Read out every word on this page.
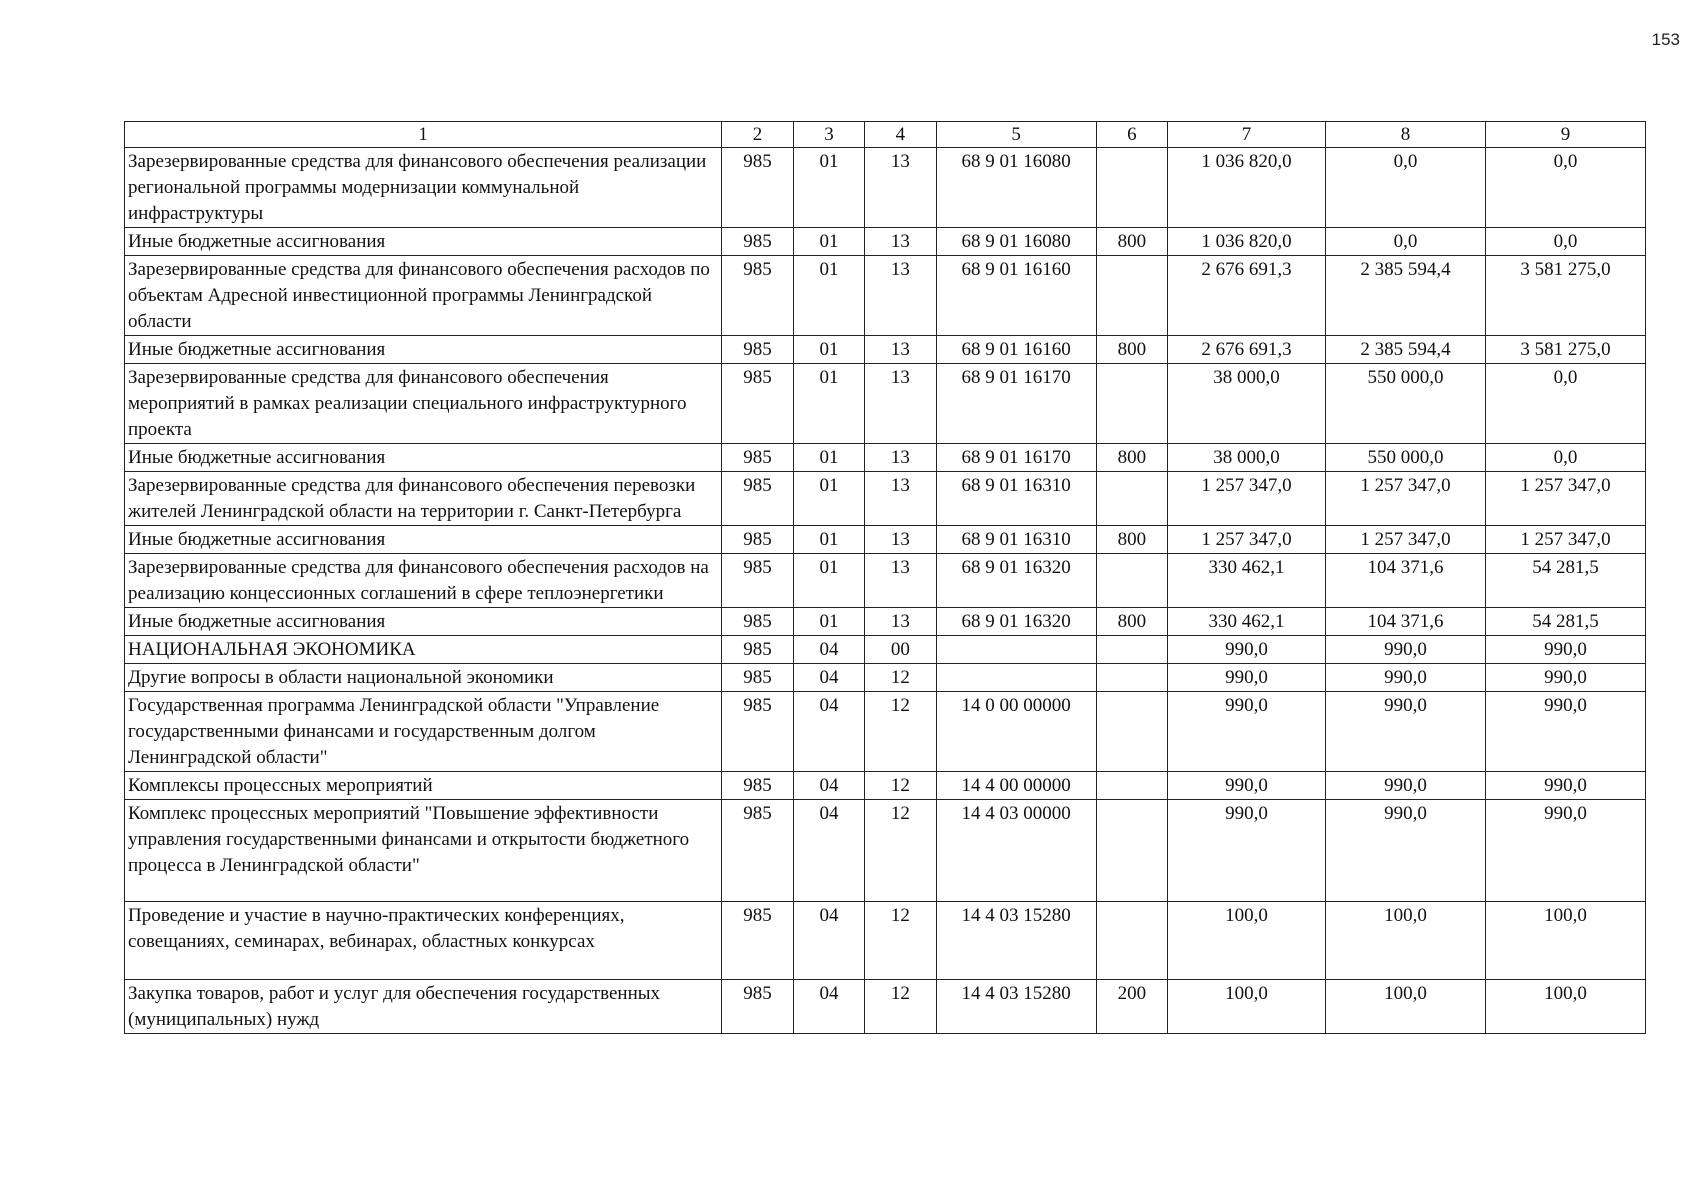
153
1	2	3	4	5	6	7	8	9
Зарезервированные средства для финансового обеспечения реализации региональной программы модернизации коммунальной инфраструктуры	985	01	13	68 9 01 16080		1 036 820,0	0,0	0,0
Иные бюджетные ассигнования	985	01	13	68 9 01 16080	800	1 036 820,0	0,0	0,0
Зарезервированные средства для финансового обеспечения расходов по объектам Адресной инвестиционной программы Ленинградской области	985	01	13	68 9 01 16160		2 676 691,3	2 385 594,4	3 581 275,0
Иные бюджетные ассигнования	985	01	13	68 9 01 16160	800	2 676 691,3	2 385 594,4	3 581 275,0
Зарезервированные средства для финансового обеспечения мероприятий в рамках реализации специального инфраструктурного проекта	985	01	13	68 9 01 16170		38 000,0	550 000,0	0,0
Иные бюджетные ассигнования	985	01	13	68 9 01 16170	800	38 000,0	550 000,0	0,0
Зарезервированные средства для финансового обеспечения перевозки жителей Ленинградской области на территории г. Санкт-Петербурга	985	01	13	68 9 01 16310		1 257 347,0	1 257 347,0	1 257 347,0
Иные бюджетные ассигнования	985	01	13	68 9 01 16310	800	1 257 347,0	1 257 347,0	1 257 347,0
Зарезервированные средства для финансового обеспечения расходов на реализацию концессионных соглашений в сфере теплоэнергетики	985	01	13	68 9 01 16320		330 462,1	104 371,6	54 281,5
Иные бюджетные ассигнования	985	01	13	68 9 01 16320	800	330 462,1	104 371,6	54 281,5
НАЦИОНАЛЬНАЯ ЭКОНОМИКА	985	04	00			990,0	990,0	990,0
Другие вопросы в области национальной экономики	985	04	12			990,0	990,0	990,0
Государственная программа Ленинградской области "Управление государственными финансами и государственным долгом Ленинградской области"	985	04	12	14 0 00 00000		990,0	990,0	990,0
Комплексы процессных мероприятий	985	04	12	14 4 00 00000		990,0	990,0	990,0
Комплекс процессных мероприятий "Повышение эффективности управления государственными финансами и открытости бюджетного процесса в Ленинградской области"	985	04	12	14 4 03 00000		990,0	990,0	990,0
Проведение и участие в научно-практических конференциях, совещаниях, семинарах, вебинарах, областных конкурсах	985	04	12	14 4 03 15280		100,0	100,0	100,0
Закупка товаров, работ и услуг для обеспечения государственных (муниципальных) нужд	985	04	12	14 4 03 15280	200	100,0	100,0	100,0
